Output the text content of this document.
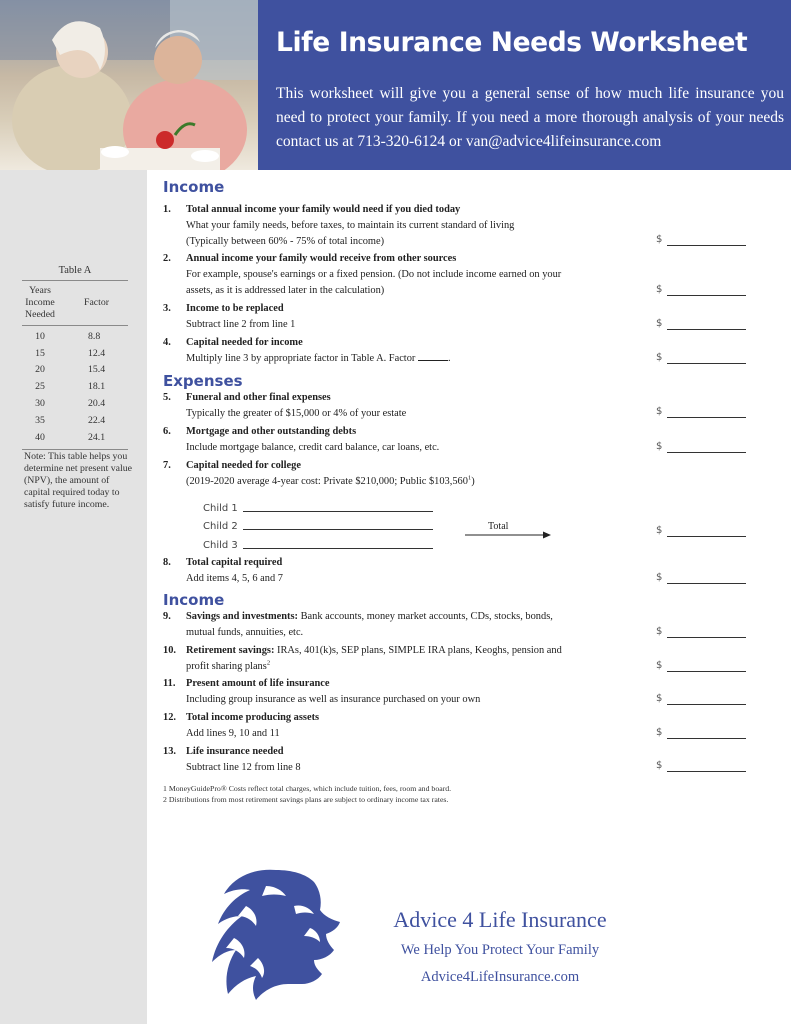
Life Insurance Needs Worksheet

This worksheet will give you a general sense of how much life insurance you need to protect your family. If you need a more thorough analysis of your needs contact us at 713-320-6124 or van@advice4lifeinsurance.com

Table A
Years
Income
Needed
Factor
10	8.8
15	12.4
20	15.4
25	18.1
30	20.4
35	22.4
40	24.1
Note: This table helps you determine net present value (NPV), the amount of capital required today to satisfy future income.
Income
Expenses
Income
1. Total annual income your family would need if you died today
What your family needs, before taxes, to maintain its current standard of living
(Typically between 60% - 75% of total income)
2. Annual income your family would receive from other sources
For example, spouse's earnings or a fixed pension. (Do not include income earned on your
assets, as it is addressed later in the calculation)
3. Income to be replaced
Subtract line 2 from line 1
4. Capital needed for income
Multiply line 3 by appropriate factor in Table A. Factor	.
5. Funeral and other final expenses
Typically the greater of $15,000 or 4% of your estate
6. Mortgage and other outstanding debts
Include mortgage balance, credit card balance, car loans, etc.
7. Capital needed for college
(2019-2020 average 4-year cost: Private $210,000; Public $103,560$^1$)
8. Total capital required
Add items 4, 5, 6 and 7
9. Savings and investments: Bank accounts, money market accounts, CDs, stocks, bonds,
mutual funds, annuities, etc.
10. Retirement savings: IRAs, 401(k)s, SEP plans, SIMPLE IRA plans, Keoghs, pension and
profit sharing plans$^2$
11. Present amount of life insurance
Including group insurance as well as insurance purchased on your own
12. Total income producing assets
Add lines 9, 10 and 11
13. Life insurance needed
Subtract line 12 from line 8
Child 1
Child 2
Child 3
Total
$
$
$
$
$
$
$
$
$
$
$
$
$
1 MoneyGuidePro® Costs reflect total charges, which include tuition, fees, room and board.
2 Distributions from most retirement savings plans are subject to ordinary income tax rates.
Advice 4 Life Insurance
We Help You Protect Your Family
Advice4LifeInsurance.com
